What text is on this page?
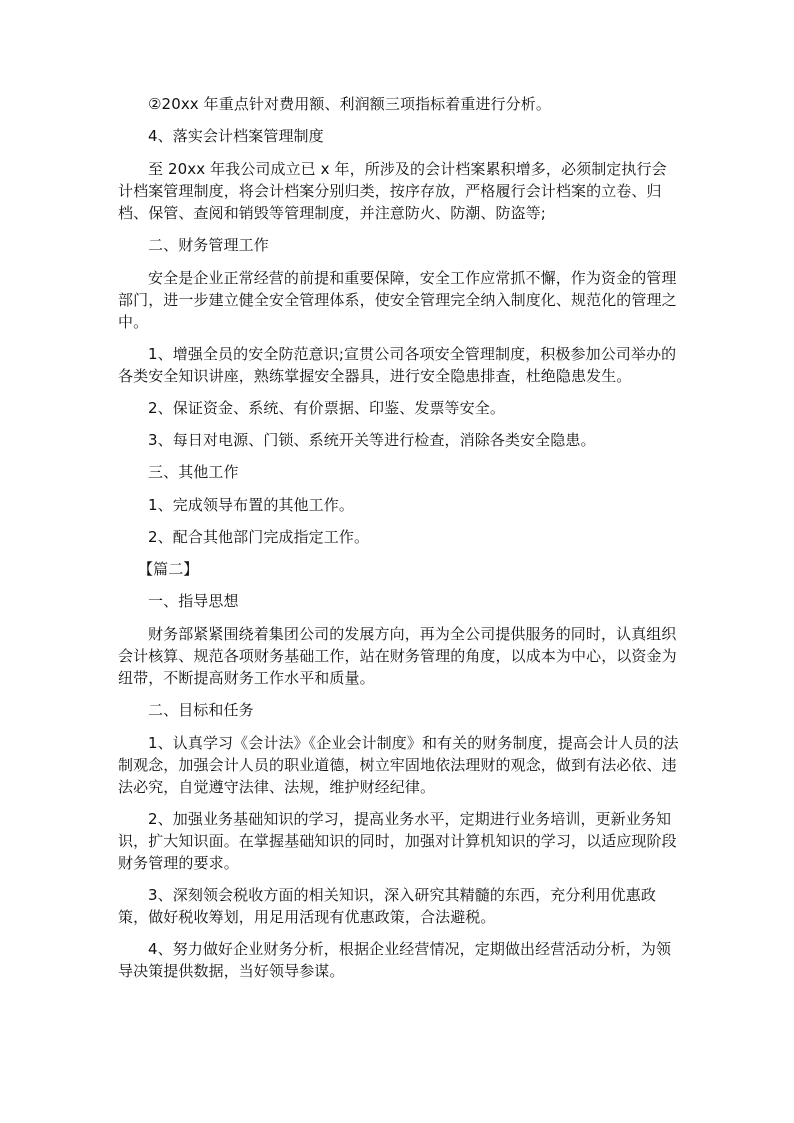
②20xx 年重点针对费用额、利润额三项指标着重进行分析。

4、落实会计档案管理制度

至 20xx 年我公司成立已 x 年，所涉及的会计档案累积增多，必须制定执行会计档案管理制度，将会计档案分别归类，按序存放，严格履行会计档案的立卷、归档、保管、查阅和销毁等管理制度，并注意防火、防潮、防盗等;

二、财务管理工作

安全是企业正常经营的前提和重要保障，安全工作应常抓不懈，作为资金的管理部门，进一步建立健全安全管理体系，使安全管理完全纳入制度化、规范化的管理之中。

1、增强全员的安全防范意识;宣贯公司各项安全管理制度，积极参加公司举办的各类安全知识讲座，熟练掌握安全器具，进行安全隐患排查，杜绝隐患发生。

2、保证资金、系统、有价票据、印鉴、发票等安全。

3、每日对电源、门锁、系统开关等进行检查，消除各类安全隐患。

三、其他工作

1、完成领导布置的其他工作。

2、配合其他部门完成指定工作。

【篇二】

一、指导思想

财务部紧紧围绕着集团公司的发展方向，再为全公司提供服务的同时，认真组织会计核算、规范各项财务基础工作，站在财务管理的角度，以成本为中心，以资金为纽带，不断提高财务工作水平和质量。

二、目标和任务

1、认真学习《会计法》《企业会计制度》和有关的财务制度，提高会计人员的法制观念，加强会计人员的职业道德，树立牢固地依法理财的观念，做到有法必依、违法必究，自觉遵守法律、法规，维护财经纪律。

2、加强业务基础知识的学习，提高业务水平，定期进行业务培训，更新业务知识，扩大知识面。在掌握基础知识的同时，加强对计算机知识的学习，以适应现阶段财务管理的要求。

3、深刻领会税收方面的相关知识，深入研究其精髓的东西，充分利用优惠政策，做好税收筹划，用足用活现有优惠政策，合法避税。

4、努力做好企业财务分析，根据企业经营情况，定期做出经营活动分析，为领导决策提供数据，当好领导参谋。
